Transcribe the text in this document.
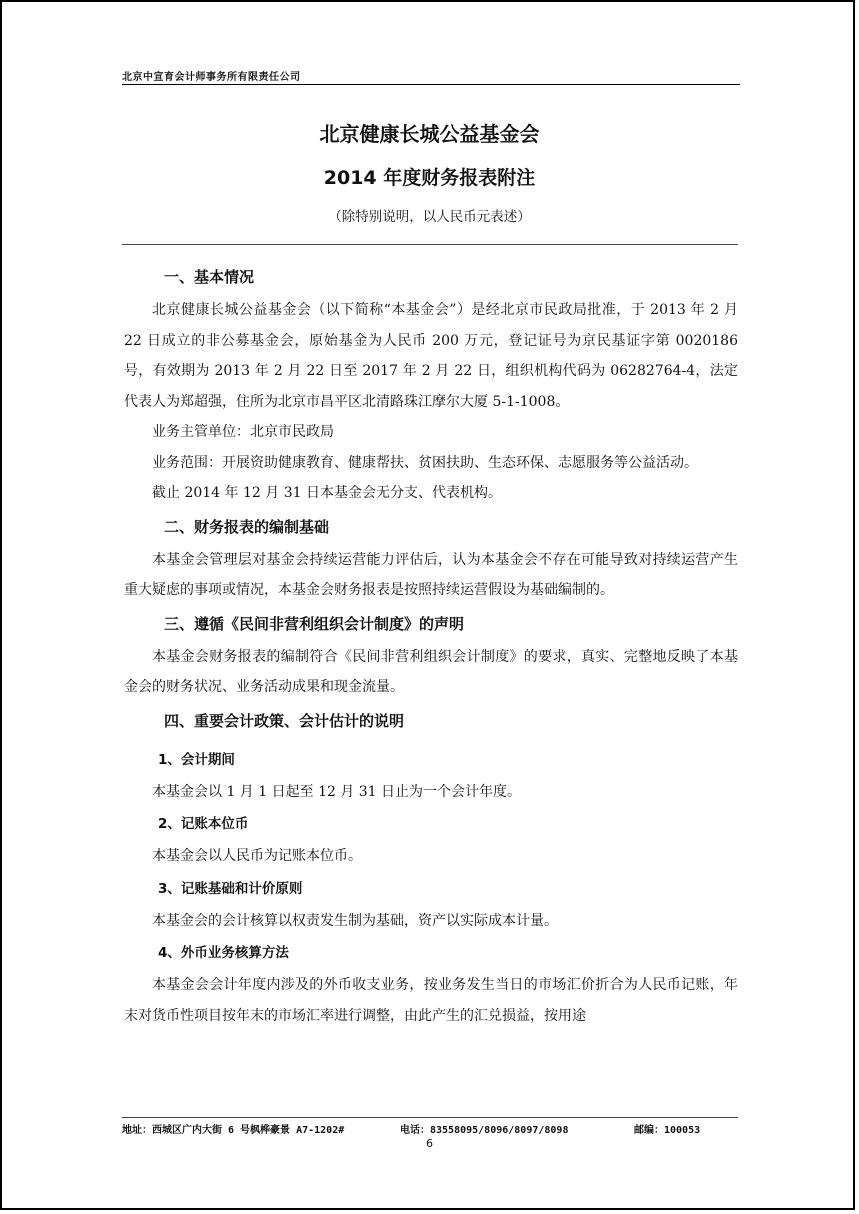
北京中宣育会计师事务所有限责任公司
北京健康长城公益基金会
2014 年度财务报表附注
（除特别说明，以人民币元表述）
一、基本情况

北京健康长城公益基金会（以下简称“本基金会”）是经北京市民政局批准，于 2013 年 2 月 22 日成立的非公募基金会，原始基金为人民币 200 万元，登记证号为京民基证字第 0020186 号，有效期为 2013 年 2 月 22 日至 2017 年 2 月 22 日，组织机构代码为 06282764-4，法定代表人为郑超强，住所为北京市昌平区北清路珠江摩尔大厦 5-1-1008。

业务主管单位：北京市民政局

业务范围：开展资助健康教育、健康帮扶、贫困扶助、生态环保、志愿服务等公益活动。

截止 2014 年 12 月 31 日本基金会无分支、代表机构。

二、财务报表的编制基础

本基金会管理层对基金会持续运营能力评估后，认为本基金会不存在可能导致对持续运营产生重大疑虑的事项或情况，本基金会财务报表是按照持续运营假设为基础编制的。

三、遵循《民间非营利组织会计制度》的声明

本基金会财务报表的编制符合《民间非营利组织会计制度》的要求，真实、完整地反映了本基金会的财务状况、业务活动成果和现金流量。

四、重要会计政策、会计估计的说明
1、会计期间

本基金会以 1 月 1 日起至 12 月 31 日止为一个会计年度。

2、记账本位币

本基金会以人民币为记账本位币。

3、记账基础和计价原则

本基金会的会计核算以权责发生制为基础，资产以实际成本计量。

4、外币业务核算方法

本基金会会计年度内涉及的外币收支业务，按业务发生当日的市场汇价折合为人民币记账，年末对货币性项目按年末的市场汇率进行调整，由此产生的汇兑损益，按用途

地址：西城区广内大街 6 号枫桦豪景 A7-1202#	电话：83558095/8096/8097/8098	邮编：100053
6
